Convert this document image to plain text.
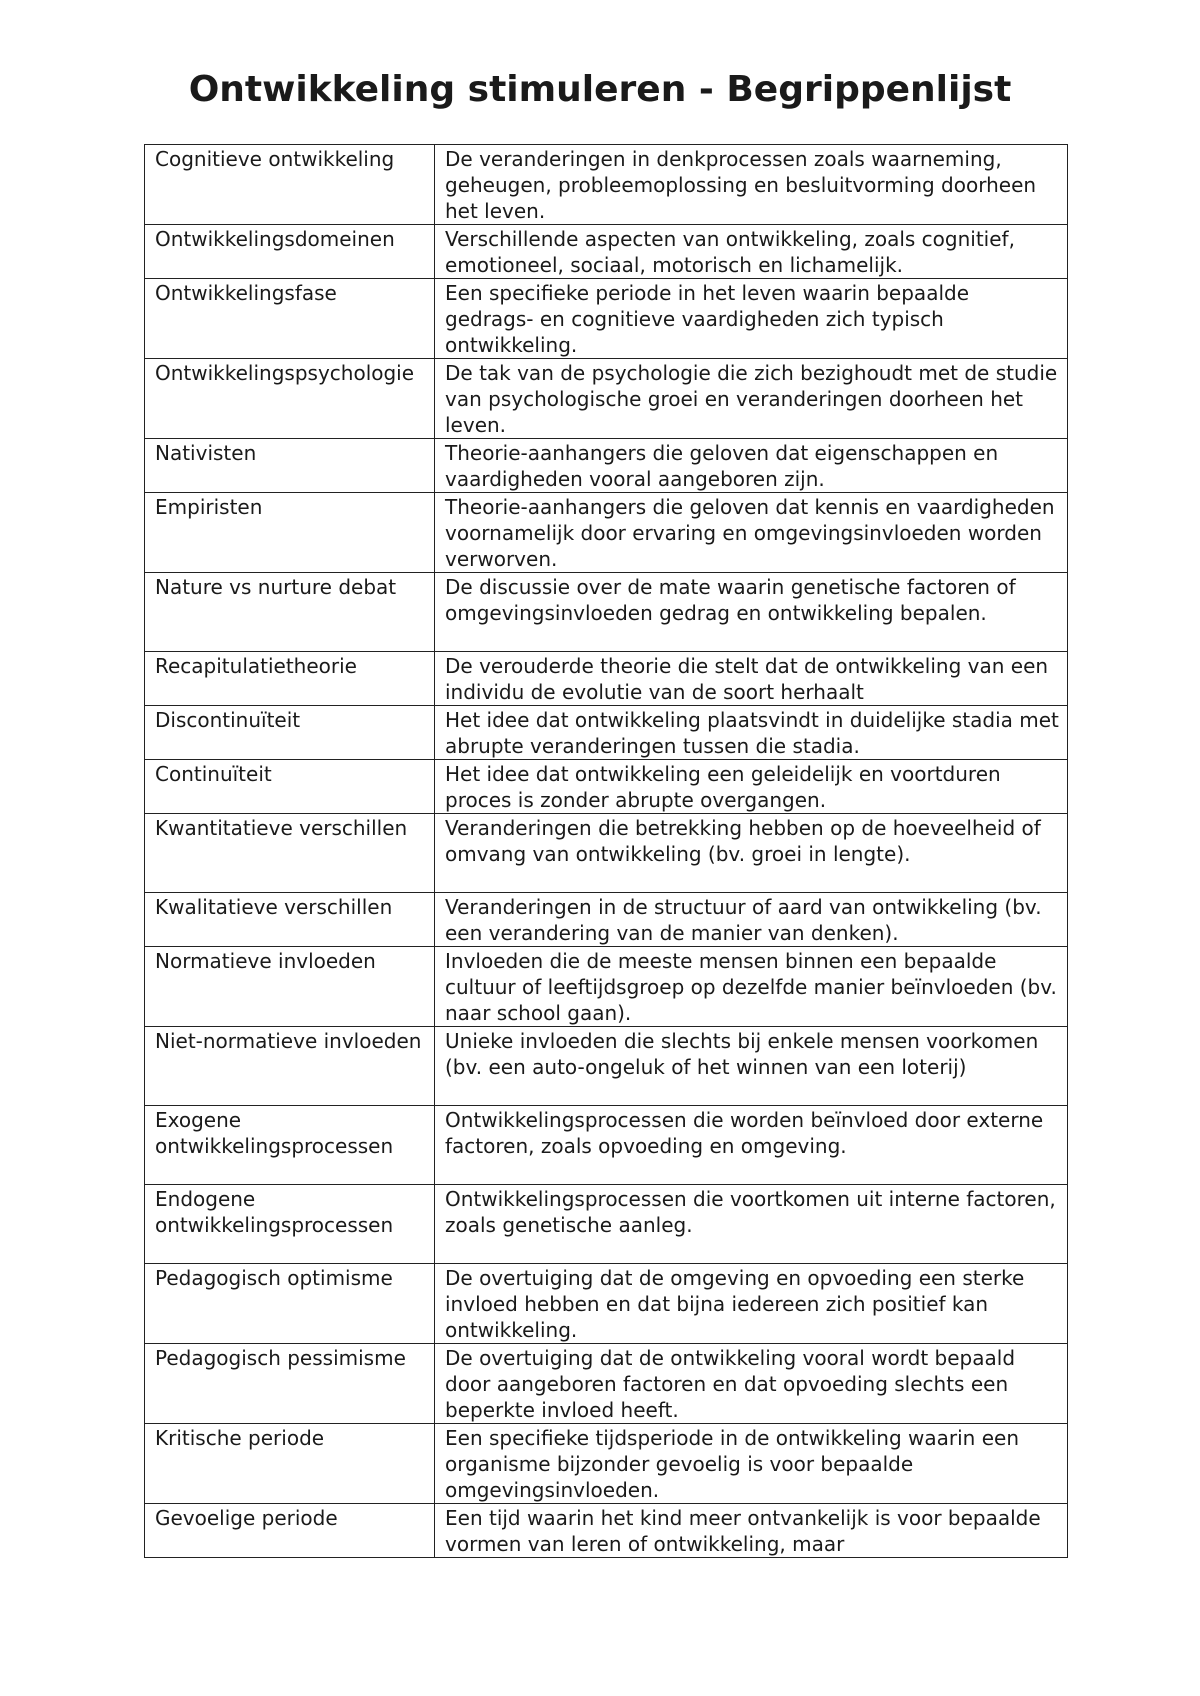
Ontwikkeling stimuleren - Begrippenlijst
Cognitieve ontwikkeling	De veranderingen in denkprocessen zoals waarneming, geheugen, probleemoplossing en besluitvorming doorheen het leven.
Ontwikkelingsdomeinen	Verschillende aspecten van ontwikkeling, zoals cognitief, emotioneel, sociaal, motorisch en lichamelijk.
Ontwikkelingsfase	Een specifieke periode in het leven waarin bepaalde gedrags- en cognitieve vaardigheden zich typisch ontwikkeling.
Ontwikkelingspsychologie	De tak van de psychologie die zich bezighoudt met de studie van psychologische groei en veranderingen doorheen het leven.
Nativisten	Theorie-aanhangers die geloven dat eigenschappen en vaardigheden vooral aangeboren zijn.
Empiristen	Theorie-aanhangers die geloven dat kennis en vaardigheden voornamelijk door ervaring en omgevingsinvloeden worden verworven.
Nature vs nurture debat	De discussie over de mate waarin genetische factoren of omgevingsinvloeden gedrag en ontwikkeling bepalen.
Recapitulatietheorie	De verouderde theorie die stelt dat de ontwikkeling van een individu de evolutie van de soort herhaalt
Discontinuïteit	Het idee dat ontwikkeling plaatsvindt in duidelijke stadia met abrupte veranderingen tussen die stadia.
Continuïteit	Het idee dat ontwikkeling een geleidelijk en voortduren proces is zonder abrupte overgangen.
Kwantitatieve verschillen	Veranderingen die betrekking hebben op de hoeveelheid of omvang van ontwikkeling (bv. groei in lengte).
Kwalitatieve verschillen	Veranderingen in de structuur of aard van ontwikkeling (bv. een verandering van de manier van denken).
Normatieve invloeden	Invloeden die de meeste mensen binnen een bepaalde cultuur of leeftijdsgroep op dezelfde manier beïnvloeden (bv. naar school gaan).
Niet-normatieve invloeden	Unieke invloeden die slechts bij enkele mensen voorkomen (bv. een auto-ongeluk of het winnen van een loterij)
Exogene ontwikkelingsprocessen	Ontwikkelingsprocessen die worden beïnvloed door externe factoren, zoals opvoeding en omgeving.
Endogene ontwikkelingsprocessen	Ontwikkelingsprocessen die voortkomen uit interne factoren, zoals genetische aanleg.
Pedagogisch optimisme	De overtuiging dat de omgeving en opvoeding een sterke invloed hebben en dat bijna iedereen zich positief kan ontwikkeling.
Pedagogisch pessimisme	De overtuiging dat de ontwikkeling vooral wordt bepaald door aangeboren factoren en dat opvoeding slechts een beperkte invloed heeft.
Kritische periode	Een specifieke tijdsperiode in de ontwikkeling waarin een organisme bijzonder gevoelig is voor bepaalde omgevingsinvloeden.
Gevoelige periode	Een tijd waarin het kind meer ontvankelijk is voor bepaalde vormen van leren of ontwikkeling, maar
